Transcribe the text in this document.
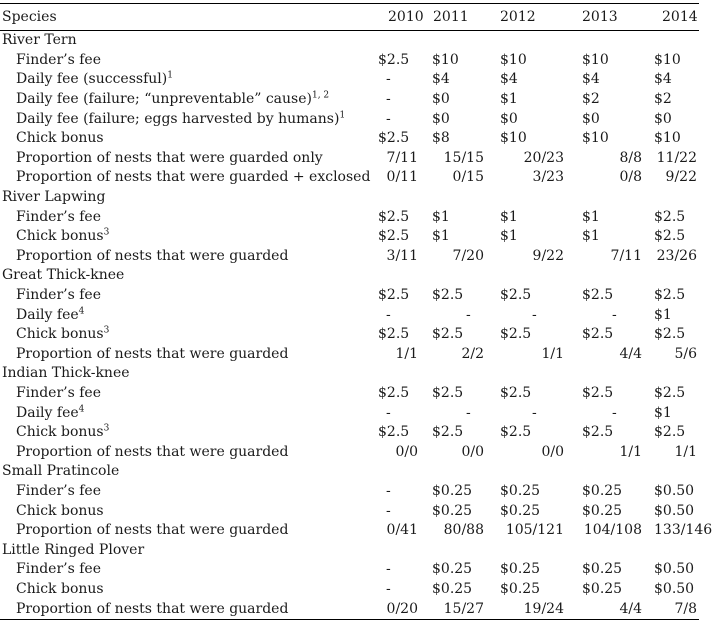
Species	2010	2011	2012	2013	2014
River Tern					
Finder’s fee	$2.5	$10	$10	$10	$10
Daily fee (successful)$^1$	-	$4	$4	$4	$4
Daily fee (failure; “unpreventable” cause)$^{1, 2}$	-	$0	$1	$2	$2
Daily fee (failure; eggs harvested by humans)$^1$	-	$0	$0	$0	$0
Chick bonus	$2.5	$8	$10	$10	$10
Proportion of nests that were guarded only	7/11	15/15	20/23	8/8	11/22
Proportion of nests that were guarded + exclosed	0/11	0/15	3/23	0/8	9/22
River Lapwing					
Finder’s fee	$2.5	$1	$1	$1	$2.5
Chick bonus$^3$	$2.5	$1	$1	$1	$2.5
Proportion of nests that were guarded	3/11	7/20	9/22	7/11	23/26
Great Thick-knee					
Finder’s fee	$2.5	$2.5	$2.5	$2.5	$2.5
Daily fee$^4$	-	-	-	-	$1
Chick bonus$^3$	$2.5	$2.5	$2.5	$2.5	$2.5
Proportion of nests that were guarded	1/1	2/2	1/1	4/4	5/6
Indian Thick-knee					
Finder’s fee	$2.5	$2.5	$2.5	$2.5	$2.5
Daily fee$^4$	-	-	-	-	$1
Chick bonus$^3$	$2.5	$2.5	$2.5	$2.5	$2.5
Proportion of nests that were guarded	0/0	0/0	0/0	1/1	1/1
Small Pratincole					
Finder’s fee	-	$0.25	$0.25	$0.25	$0.50
Chick bonus	-	$0.25	$0.25	$0.25	$0.50
Proportion of nests that were guarded	0/41	80/88	105/121	104/108	133/146
Little Ringed Plover					
Finder’s fee	-	$0.25	$0.25	$0.25	$0.50
Chick bonus	-	$0.25	$0.25	$0.25	$0.50
Proportion of nests that were guarded	0/20	15/27	19/24	4/4	7/8
